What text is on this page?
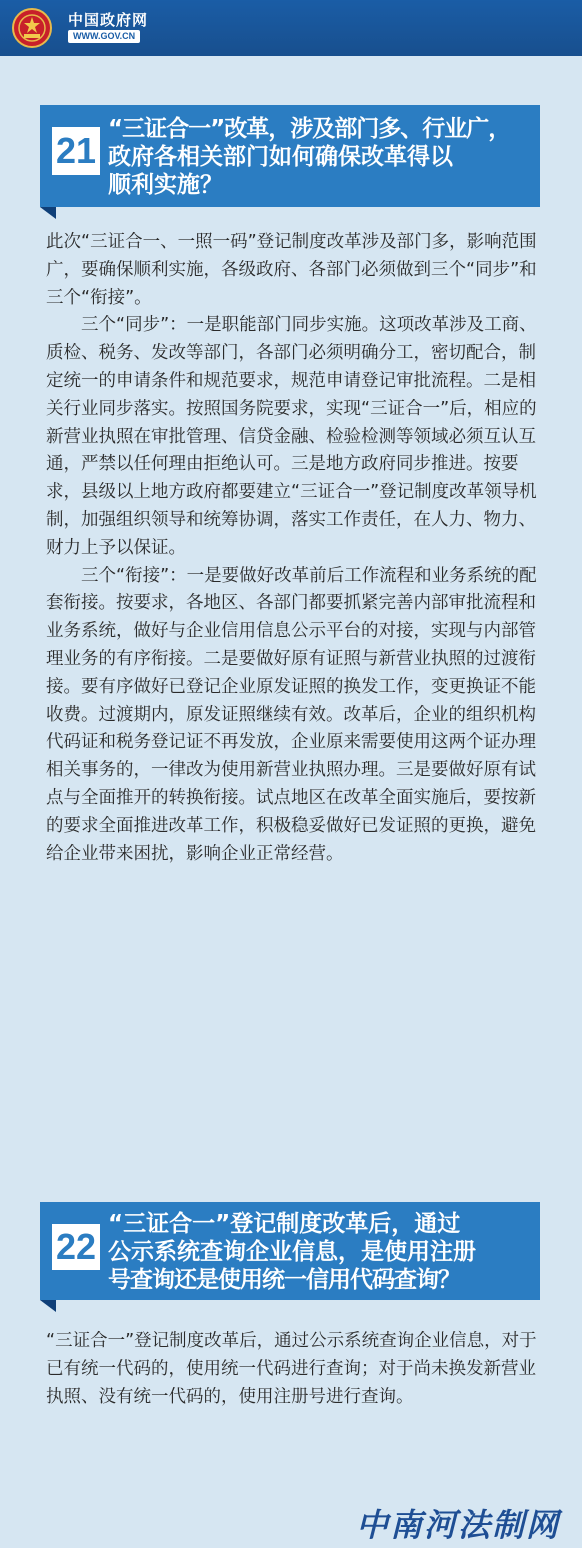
中国政府网
WWW.GOV.CN
21
“三证合一”改革，涉及部门多、行业广，
政府各相关部门如何确保改革得以
顺利实施？

此次“三证合一、一照一码”登记制度改革涉及部门多，影响范围广，要确保顺利实施，各级政府、各部门必须做到三个“同步”和三个“衔接”。

三个“同步”：一是职能部门同步实施。这项改革涉及工商、质检、税务、发改等部门，各部门必须明确分工，密切配合，制定统一的申请条件和规范要求，规范申请登记审批流程。二是相关行业同步落实。按照国务院要求，实现“三证合一”后，相应的新营业执照在审批管理、信贷金融、检验检测等领域必须互认互通，严禁以任何理由拒绝认可。三是地方政府同步推进。按要求，县级以上地方政府都要建立“三证合一”登记制度改革领导机制，加强组织领导和统筹协调，落实工作责任，在人力、物力、财力上予以保证。

三个“衔接”：一是要做好改革前后工作流程和业务系统的配套衔接。按要求，各地区、各部门都要抓紧完善内部审批流程和业务系统，做好与企业信用信息公示平台的对接，实现与内部管理业务的有序衔接。二是要做好原有证照与新营业执照的过渡衔接。要有序做好已登记企业原发证照的换发工作，变更换证不能收费。过渡期内，原发证照继续有效。改革后，企业的组织机构代码证和税务登记证不再发放，企业原来需要使用这两个证办理相关事务的，一律改为使用新营业执照办理。三是要做好原有试点与全面推开的转换衔接。试点地区在改革全面实施后，要按新的要求全面推进改革工作，积极稳妥做好已发证照的更换，避免给企业带来困扰，影响企业正常经营。

22
“三证合一”登记制度改革后，通过
公示系统查询企业信息，是使用注册
号查询还是使用统一信用代码查询？

“三证合一”登记制度改革后，通过公示系统查询企业信息，对于已有统一代码的，使用统一代码进行查询；对于尚未换发新营业执照、没有统一代码的，使用注册号进行查询。

中南河法制网
